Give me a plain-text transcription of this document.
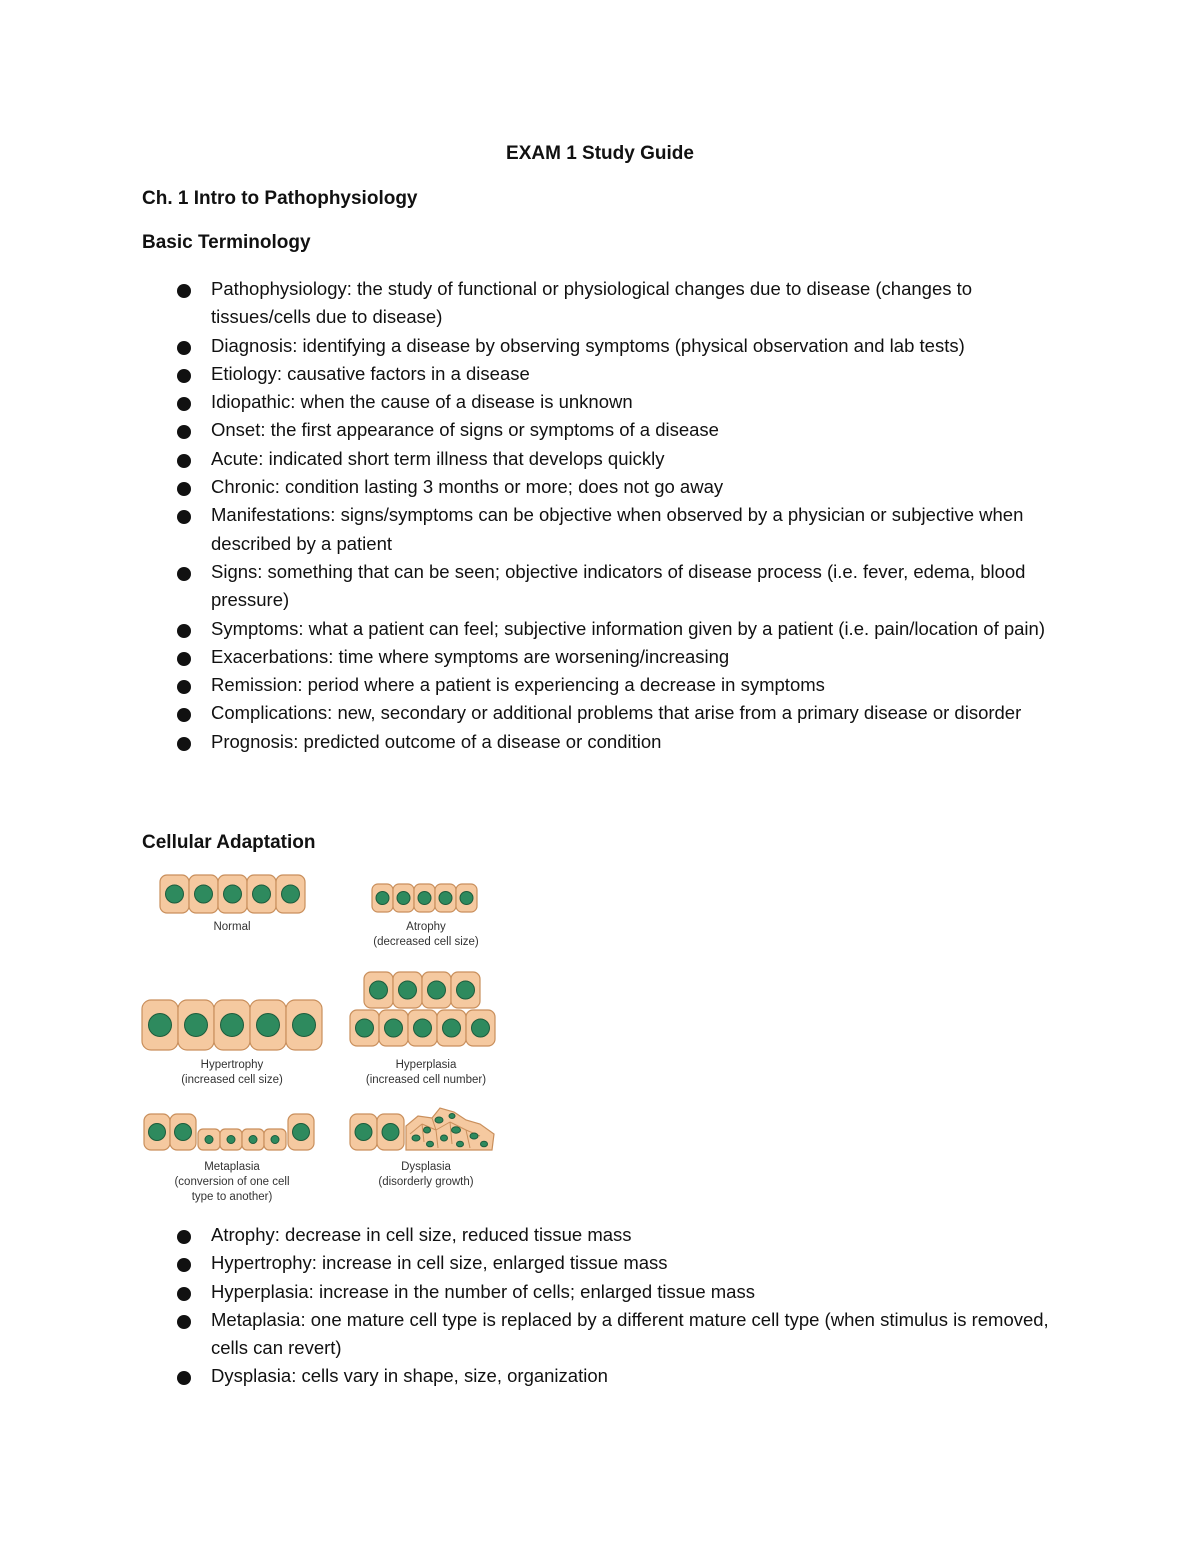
EXAM 1 Study Guide
Ch. 1 Intro to Pathophysiology
Basic Terminology
Pathophysiology: the study of functional or physiological changes due to disease (changes to tissues/cells due to disease)
Diagnosis: identifying a disease by observing symptoms (physical observation and lab tests)
Etiology: causative factors in a disease
Idiopathic: when the cause of a disease is unknown
Onset: the first appearance of signs or symptoms of a disease
Acute: indicated short term illness that develops quickly
Chronic: condition lasting 3 months or more; does not go away
Manifestations: signs/symptoms can be objective when observed by a physician or subjective when described by a patient
Signs: something that can be seen; objective indicators of disease process (i.e. fever, edema, blood pressure)
Symptoms: what a patient can feel; subjective information given by a patient (i.e. pain/location of pain)
Exacerbations: time where symptoms are worsening/increasing
Remission: period where a patient is experiencing a decrease in symptoms
Complications: new, secondary or additional problems that arise from a primary disease or disorder
Prognosis: predicted outcome of a disease or condition
Cellular Adaptation
Normal	Atrophy
(decreased cell size)
Hypertrophy
(increased cell size)
Hyperplasia
(increased cell number)
Metaplasia
(conversion of one cell
type to another)
Dysplasia
(disorderly growth)
Atrophy: decrease in cell size, reduced tissue mass
Hypertrophy: increase in cell size, enlarged tissue mass
Hyperplasia: increase in the number of cells; enlarged tissue mass
Metaplasia: one mature cell type is replaced by a different mature cell type (when stimulus is removed, cells can revert)
Dysplasia: cells vary in shape, size, organization
